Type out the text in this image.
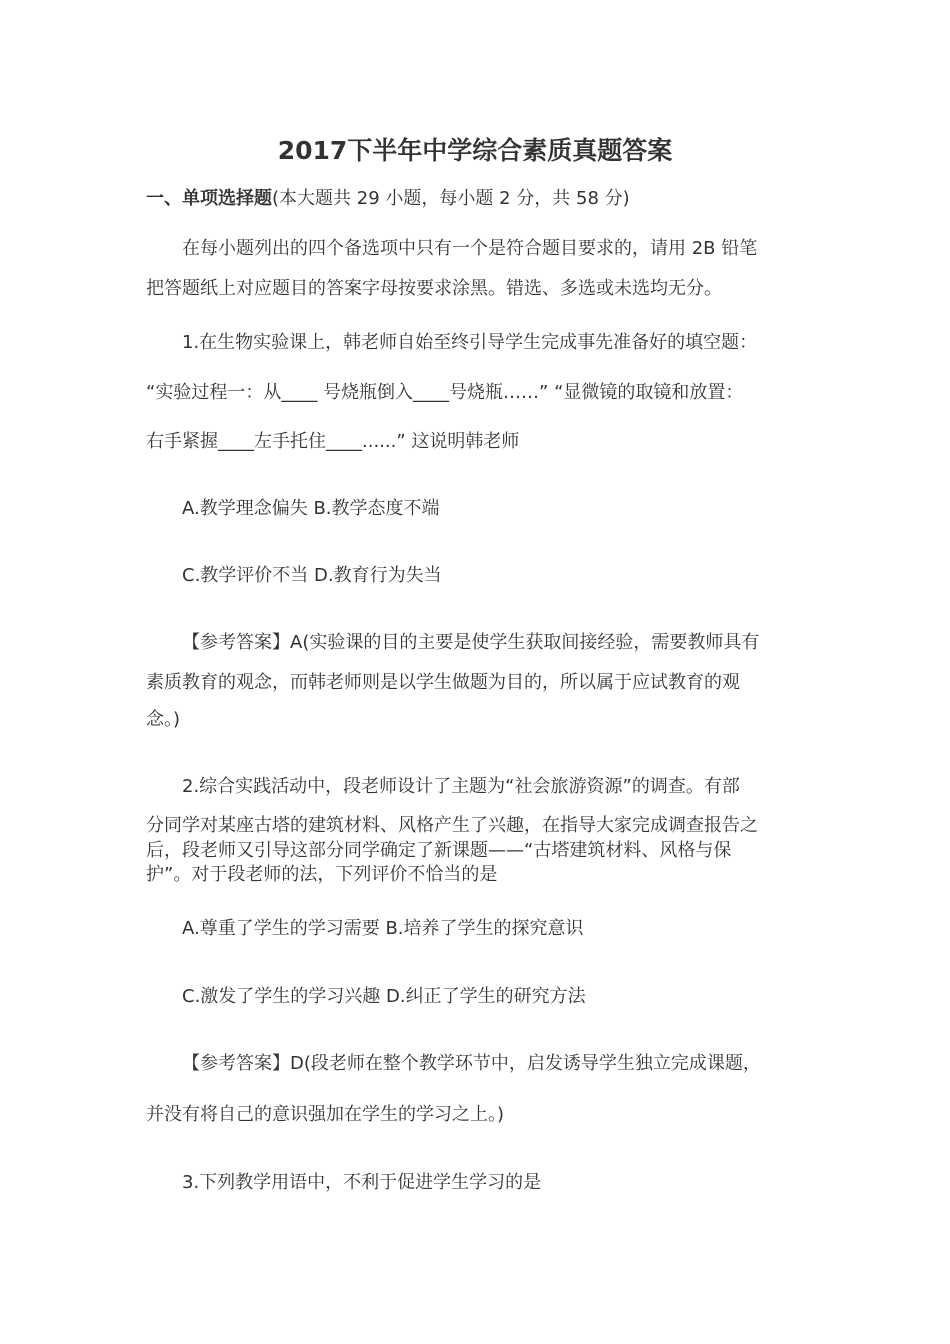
2017下半年中学综合素质真题答案
一、单项选择题(本大题共 29 小题，每小题 2 分，共 58 分)
在每小题列出的四个备选项中只有一个是符合题目要求的，请用 2B 铅笔
把答题纸上对应题目的答案字母按要求涂黑。错选、多选或未选均无分。
1.在生物实验课上，韩老师自始至终引导学生完成事先准备好的填空题：
“实验过程一：从____ 号烧瓶倒入____号烧瓶……” “显微镜的取镜和放置：
右手紧握____左手托住____......” 这说明韩老师
A.教学理念偏失 B.教学态度不端
C.教学评价不当 D.教育行为失当
【参考答案】A(实验课的目的主要是使学生获取间接经验，需要教师具有
素质教育的观念，而韩老师则是以学生做题为目的，所以属于应试教育的观
念。)
2.综合实践活动中，段老师设计了主题为“社会旅游资源”的调查。有部
分同学对某座古塔的建筑材料、风格产生了兴趣，在指导大家完成调查报告之
后，段老师又引导这部分同学确定了新课题——“古塔建筑材料、风格与保
护”。对于段老师的法，下列评价不恰当的是
A.尊重了学生的学习需要 B.培养了学生的探究意识
C.激发了学生的学习兴趣 D.纠正了学生的研究方法
【参考答案】D(段老师在整个教学环节中，启发诱导学生独立完成课题，
并没有将自己的意识强加在学生的学习之上。)
3.下列教学用语中，不利于促进学生学习的是
